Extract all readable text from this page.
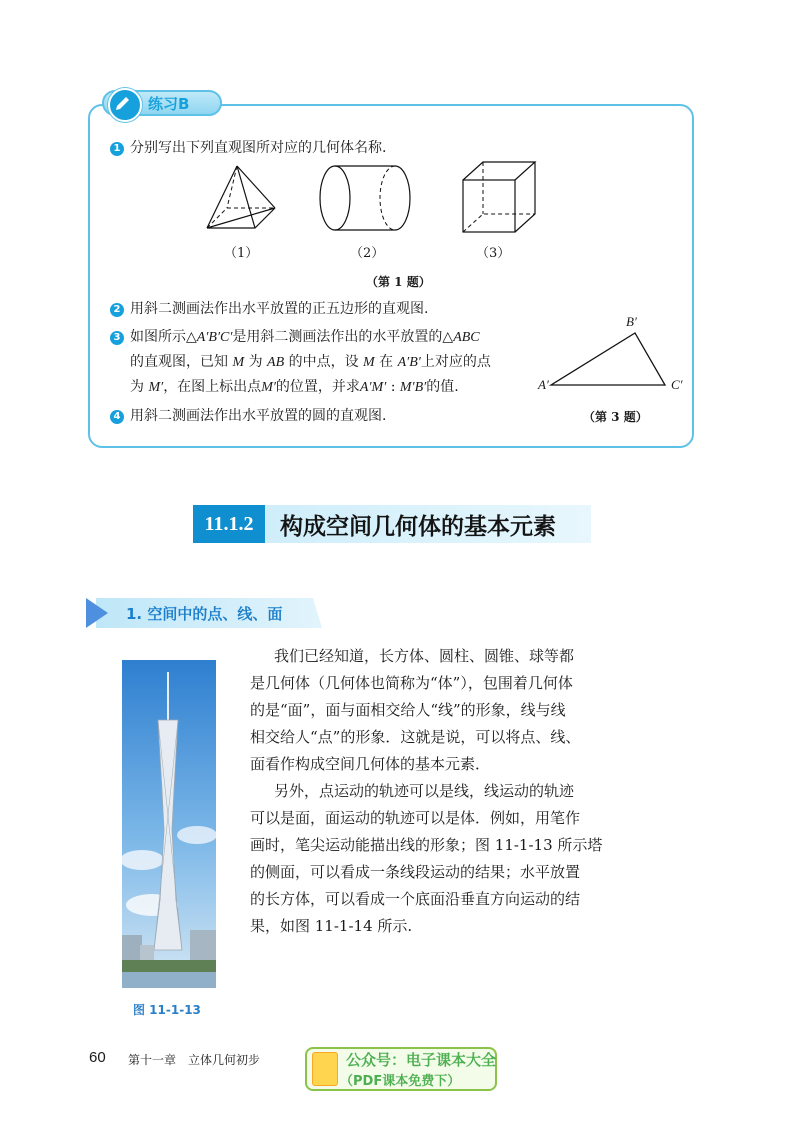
练习B
1 分别写出下列直观图所对应的几何体名称.
（1）	（2）	（3）
（第 1 题）
2 用斜二测画法作出水平放置的正五边形的直观图.
3 如图所示△A′B′C′是用斜二测画法作出的水平放置的△ABC
的直观图，已知 M 为 AB 的中点，设 M 在 A′B′上对应的点
为 M′，在图上标出点M′的位置，并求A′M′ : M′B′的值.
4 用斜二测画法作出水平放置的圆的直观图.
A′
B′
C′
（第 3 题）
11.1.2	构成空间几何体的基本元素
1. 空间中的点、线、面
图 11-1-13
我们已经知道，长方体、圆柱、圆锥、球等都
是几何体（几何体也简称为“体”），包围着几何体
的是“面”，面与面相交给人“线”的形象，线与线
相交给人“点”的形象．这就是说，可以将点、线、
面看作构成空间几何体的基本元素．
另外，点运动的轨迹可以是线，线运动的轨迹
可以是面，面运动的轨迹可以是体．例如，用笔作
画时，笔尖运动能描出线的形象；图 11-1-13 所示塔
的侧面，可以看成一条线段运动的结果；水平放置
的长方体，可以看成一个底面沿垂直方向运动的结
果，如图 11-1-14 所示.
60 第十一章　立体几何初步	公众号：电子课本大全
（PDF课本免费下）
